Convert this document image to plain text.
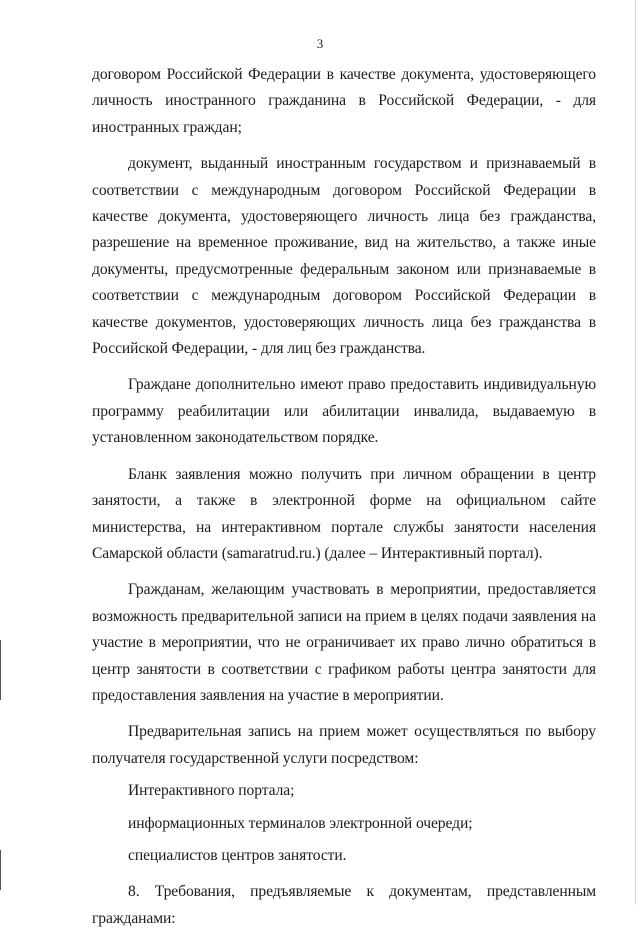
3

договором Российской Федерации в качестве документа, удостоверяющего личность иностранного гражданина в Российской Федерации, - для иностранных граждан;

документ, выданный иностранным государством и признаваемый в соответствии с международным договором Российской Федерации в качестве документа, удостоверяющего личность лица без гражданства, разрешение на временное проживание, вид на жительство, а также иные документы, предусмотренные федеральным законом или признаваемые в соответствии с международным договором Российской Федерации в качестве документов, удостоверяющих личность лица без гражданства в Российской Федерации, - для лиц без гражданства.

Граждане дополнительно имеют право предоставить индивидуальную программу реабилитации или абилитации инвалида, выдаваемую в установленном законодательством порядке.

Бланк заявления можно получить при личном обращении в центр занятости, а также в электронной форме на официальном сайте министерства, на интерактивном портале службы занятости населения Самарской области (samaratrud.ru.) (далее – Интерактивный портал).

Гражданам, желающим участвовать в мероприятии, предоставляется возможность предварительной записи на прием в целях подачи заявления на участие в мероприятии, что не ограничивает их право лично обратиться в центр занятости в соответствии с графиком работы центра занятости для предоставления заявления на участие в мероприятии.

Предварительная запись на прием может осуществляться по выбору получателя государственной услуги посредством:

Интерактивного портала;

информационных терминалов электронной очереди;

специалистов центров занятости.

8. Требования, предъявляемые к документам, представленным гражданами:
